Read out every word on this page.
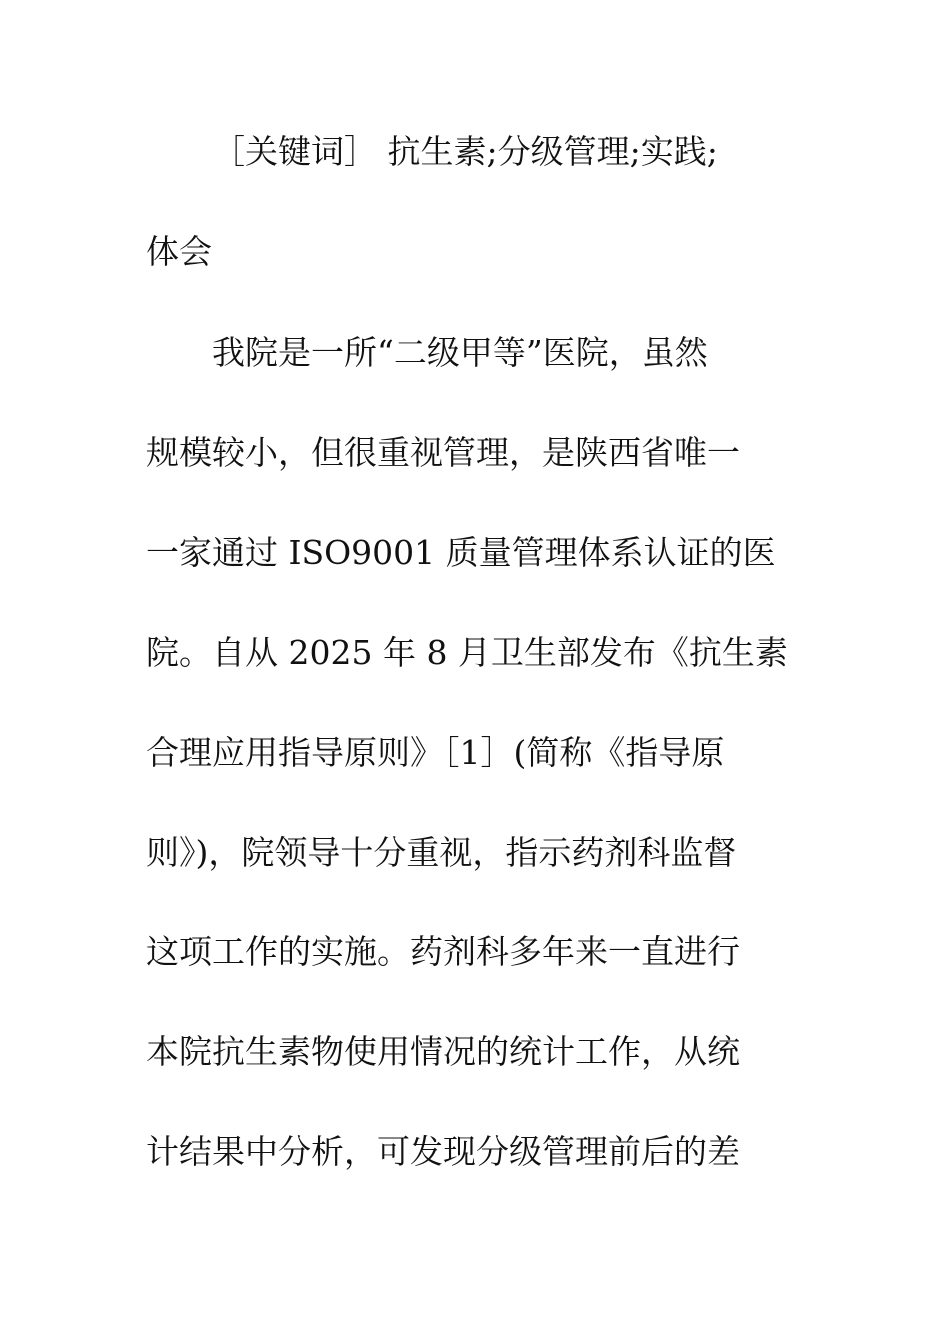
［关键词］ 抗生素;分级管理;实践;
体会
我院是一所“二级甲等”医院，虽然
规模较小，但很重视管理，是陕西省唯一
一家通过 ISO9001 质量管理体系认证的医
院。自从 2025 年 8 月卫生部发布《抗生素
合理应用指导原则》［1］(简称《指导原
则》)，院领导十分重视，指示药剂科监督
这项工作的实施。药剂科多年来一直进行
本院抗生素物使用情况的统计工作，从统
计结果中分析，可发现分级管理前后的差
